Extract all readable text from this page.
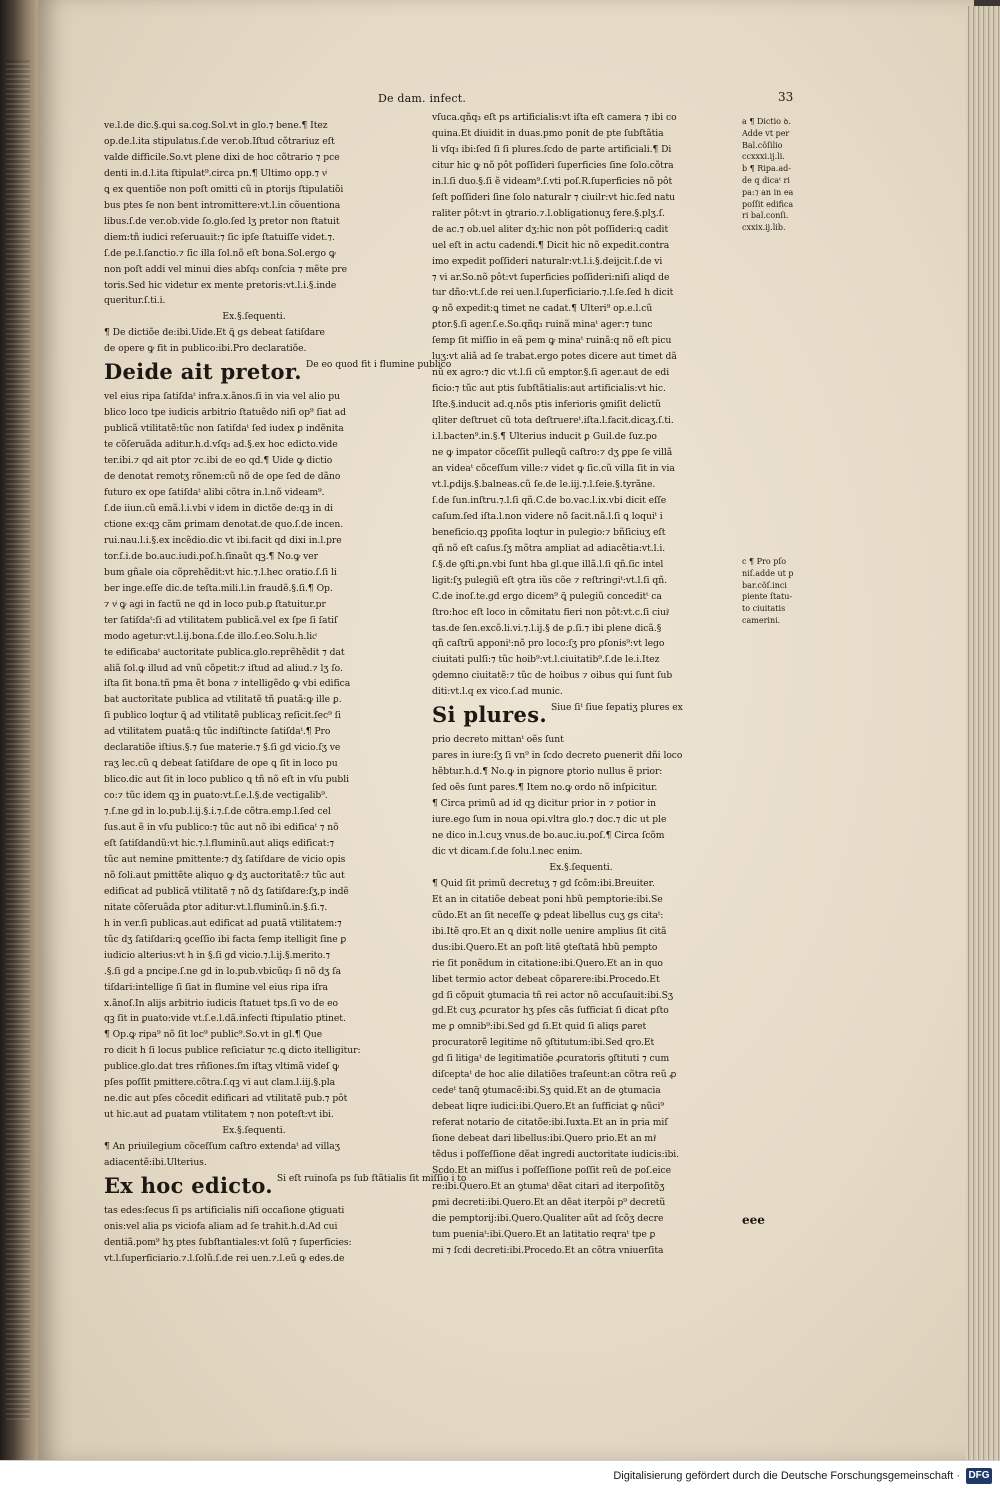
De dam. infect.	33
ve.l.de dic.§.qui sa.cog.Sol.vt in glo.⁊ bene.¶ Itez
op.de.l.ita stipulatus.ſ.de ver.ob.Iſtud cõtrariuz eſt
valde difficile.So.vt plene dixi de hoc cõtrario ⁊ pce
denti in.d.l.ita ſtipulat⁹.circa pn.¶ Ultimo opp.⁊ vͥ
ꝗ ex ꝗuentiõe non poſt omitti cũ in ꝑtorijs ſtipulatiõi
bus ptes ſe non bent intromittere:vt.l.in cõuentiona
libus.ſ.de ver.ob.vide ſo.glo.ſed lʒ pretor non ſtatuit
diem:tñ iudici reſeruauit:⁊ ſic ipſe ſtatuiſſe videt.⁊.
ſ.de pe.l.ſanctio.⁊ ſic illa ſol.nõ eſt bona.Sol.ergo ꝙ
non poſt addi vel minui dies abſq₃ conſcia ⁊ mẽte pre
toris.Sed hic videtur ex mente pretoris:vt.l.i.§.inde
queritur.ſ.ti.i.
Ex.§.ſequenti.
¶ De dictiõe de:ibi.Uide.Et ꝗ̃ gs debeat ſatiſdare
de opere ꝙ fit in publico:ibi.Pro declaratiõe.
Deide ait pretor. De eo quod fit i flumine publico
vel eius ripa ſatiſdaᵗ infra.x.ãnos.ſi in via vel alio pu
blico loco tpe iudicis arbitrio ſtatuẽdo niſi op⁹ ſiat ad
publicã vtilitatẽ:tũc non ſatiſdaᵗ ſed iudex ꝑ indẽnita
te cõſeruãda aditur.h.d.vſq₃ ad.§.ex hoc edicto.vide
ter.ibi.⁊ qd ait ptor ⁊c.ibi de eo qd.¶ Uide ꝙ dictio
de denotat remotʒ rõnem:cũ nõ de ope ſed de dãno
futuro ex ope ſatiſdaᵗ alibi cõtra in.l.nõ videam⁹.
ſ.de iiun.cũ emã.l.i.vbi vͥ idem in dictõe de:qꝫ in di
ctione ex:qꝫ cãm ꝑrimam denotat.de quo.ſ.de incen.
rui.nau.l.i.§.ex incẽdio.dic vt ibi.facit qd dixi in.l.pre
tor.ſ.i.de bo.auc.iudi.poſ.h.ſinaũt qꝫ.¶ No.ꝙ ver
bum gñale oia cõprehẽdit:vt hic.⁊.l.hec oratio.ſ.ſi li
ber inge.eſſe dic.de teſta.mili.l.in fraudẽ.§.ſi.¶ Op.
⁊ vͥ ꝙ agi in factũ ne qd in loco pub.ꝑ ſtatuitur.pr
ter ſatiſdaᵗ:ſi ad vtilitatem publicã.vel ex ſpe ſi ſatiſ
modo agetur:vt.l.ij.bona.ſ.de illo.ſ.eo.Solu.h.licͭ
te edificabaᵗ auctoritate publica.glo.reprẽhẽdit ⁊ dat
aliã ſol.ꝙ illud ad vnũ cõpetit:⁊ iſtud ad aliud.⁊ lʒ ſo.
iſta ſit bona.tñ pma ẽt bona ⁊ intelligẽdo ꝙ vbi edifica
bat auctoritate publica ad vtilitatẽ tñ ꝑuatã:ꝙ ille ꝑ.
ſi publico loqtur ꝗ̃ ad vtilitatẽ publicaʒ reſicit.ſec⁹ ſi
ad vtilitatem ꝑuatã:ꝗ tũc indiſtincte ſatiſdaᵗ.¶ Pro
declaratiõe iſtius.§.⁊ ſue materie.⁊ §.ſi gd vicio.ſʒ ve
raʒ lec.cũ ꝗ debeat ſatiſdare de ope ꝗ ſit in loco pu
blico.dic aut ſit in loco publico ꝗ tñ nõ eſt in vſu publi
co:⁊ tũc idem qꝫ in ꝑuato:vt.ſ.e.l.§.de vectigalib⁹.
⁊.ſ.ne gd in lo.pub.l.ij.§.i.⁊.ſ.de cõtra.emp.l.ſed cel
ſus.aut ẽ in vſu publico:⁊ tũc aut nõ ibi edificaᵗ ⁊ nõ
eſt ſatiſdandũ:vt hic.⁊.l.fluminũ.aut aliqs edificat:⁊
tũc aut nemine pmittente:⁊ dʒ ſatiſdare de vicio opis
nõ ſoli.aut pmittẽte aliquo ꝙ dʒ auctoritatẽ:⁊ tũc aut
edificat ad publicã vtilitatẽ ⁊ nõ dʒ ſatiſdare:ſʒ,p indẽ
nitate cõſeruãda ꝑtor aditur:vt.l.fluminũ.in.§.ſi.⁊.
h in ver.ſi publicas.aut edificat ad ꝑuatã vtilitatem:⁊
tũc dʒ ſatiſdari:ꝗ ꝯceſſio ibi facta ſemp itelligit ſine ꝑ
iudicio alterius:vt h in §.ſi gd vicio.⁊.l.ij.§.merito.⁊
.§.ſi gd a pncipe.ſ.ne gd in lo.pub.vbicũq₃ ſi nõ dʒ ſa
tiſdari:intellige ſi ſiat in flumine vel eius ripa iſra
x.ãnoſ.In alijs arbitrio iudicis ſtatuet tps.ſi vo de eo
qꝫ ſit in ꝑuato:vide vt.ſ.e.l.dã.infecti ſtipulatio ptinet.
¶ Op.ꝙ ripa⁹ nõ ſit loc⁹ public⁹.So.vt in gl.¶ Que
ro dicit h ſi locus publice reſiciatur ⁊c.ꝗ dicto itelligitur:
publice.glo.dat tres rñſiones.ſm iſtaʒ vltimã videſ ꝙ
pſes poſſit pmittere.cõtra.ſ.qꝫ vi aut clam.l.iij.§.pla
ne.dic aut pſes cõcedit edificari ad vtilitatẽ pub.⁊ pôt
ut hic.aut ad ꝑuatam vtilitatem ⁊ non poteſt:vt ibi.
Ex.§.ſequenti.
¶ An priuilegium cõceſſum caſtro extendaᵗ ad villaʒ
adiacentẽ:ibi.Ulterius.
Ex hoc edicto. Si eſt ruinoſa ps ſub ſtãtialis ſit miſſio i to
tas edes:ſecus ſi ps artificialis niſi occaſione ꝯtiguati
onis:vel alia ps viciofa aliam ad ſe trahit.h.d.Ad cui
dentiã.pom⁹ hʒ ptes ſubſtantiales:vt ſolũ ⁊ ſuperficies:
vt.l.ſuperficiario.⁊.l.ſolũ.ſ.de rei uen.⁊.l.eũ ꝙ edes.de
vſuca.qñq₃ eſt ps artificialis:vt iſta eſt camera ⁊ ibi co
quina.Et diuidit in duas.pmo ponit de pte ſubſtãtia
li vſq₃ ibi:ſed ſi ſi plures.ſcdo de parte artificiali.¶ Di
citur hic ꝙ nõ pôt poſſideri ſuperficies ſine ſolo.cõtra
in.l.ſi duo.§.ſi ẽ videam⁹.ſ.vti poſ.R.ſuperficies nõ pôt
ſeſt poſſideri ſine ſolo naturalr ⁊ ciuilr:vt hic.ſed natu
raliter pôt:vt in ꝯtrario.⁊.l.obligationuʒ fere.§.plʒ.ſ.
de ac.⁊ ob.uel aliter dʒ:hic non pôt poſſideri:ꝗ cadit
uel eſt in actu cadendi.¶ Dicit hic nõ expedit.contra
imo expedit poſſideri naturalr:vt.l.i.§.deijcit.ſ.de vi
⁊ vi ar.So.nõ pôt:vt ſuperficies poſſideri:niſi aliqd de
tur dño:vt.ſ.de rei uen.l.ſuperficiario.⁊.l.ſe.ſed h dicit
ꝙ nõ expedit:ꝗ timet ne cadat.¶ Ulteri⁹ op.e.l.cũ
ꝑtor.§.ſi ager.ſ.e.So.qñq₃ ruinã minaᵗ ager:⁊ tunc
ſemp ſit miſſio in eã pem ꝙ minaᵗ ruinã:q nõ eſt picu
luʒ:vt aliã ad ſe trabat.ergo potes dicere aut timet dã
nũ ex agro:⁊ dic vt.l.ſi cũ emptor.§.ſi ager.aut de edi
ficio:⁊ tũc aut ptis ſubſtãtialis:aut artificialis:vt hic.
Iſte.§.inducit ad.q.nõs ptis inferioris ꝯmiſit delictũ
qliter deſtruet cũ tota deſtruereᵗ.iſta.l.facit.dicaʒ.ſ.ti.
i.l.bacten⁹.in.§.¶ Ulterius inducit ꝑ Guil.de ſuz.po
ne ꝙ impator cõceſſit pulleꝗũ caſtro:⁊ dʒ ꝑpe ſe villã
an videaᵗ cõceſſum ville:⁊ videt ꝙ ſic.cũ villa ſit in via
vt.l.ꝑdijs.§.balneas.cũ ſe.de le.iij.⁊.l.ſeie.§.tyrãne.
ſ.de ſun.inſtru.⁊.l.ſi qñ.C.de bo.vac.l.ix.vbi dicit eſſe
caſum.ſed iſta.l.non videre nõ ſacit.nã.l.ſi ꝗ loquiᵗ i
beneficio.qꝫ ꝑpoſita loqtur in pulegio:⁊ bñſiciuʒ eſt
qñ nõ eſt caſus.ſʒ mõtra ampliat ad adiacẽtia:vt.l.i.
ſ.§.de ꝯſti.ꝑn.vbi ſunt hba gl.que illã.l.ſi qñ.ſic intel
ligit:ſʒ pulegiũ eſt ꝯtra iũs cõe ⁊ reſtringiᵗ:vt.l.ſi qñ.
C.de inoſ.te.gd ergo dicem⁹ ꝗ̃ pulegiũ conceditᵗ ca
ſtro:hoc eſt loco in cõmitatu fieri non pôt:vt.c.ſi ciuiͭ
tas.de ſen.excõ.li.vi.⁊.l.ij.§ de ꝑ.ſi.⁊ ibi plene dicã.§
qñ caſtrũ apponiᵗ:nõ pro loco:ſʒ pro ꝑſonis⁹:vt lego
ciuitati pulſi:⁊ tũc hoib⁹:vt.l.ciuitatib⁹.ſ.de le.i.Itez
ꝯdemno ciuitatẽ:⁊ tũc de hoibus ⁊ oibus qui ſunt ſub
diti:vt.l.q ex vico.ſ.ad munic.
Si plures. Siue ſiᵗ ſiue ſepatiʒ plures ex
prio decreto mittanᵗ oẽs ſunt
pares in iure:ſʒ ſi vn⁹ in ſcdo decreto ꝑuenerit dñi loco
hẽbtur.h.d.¶ No.ꝙ in pignore ꝑtorio nullus ẽ prior:
ſed oẽs ſunt pares.¶ Item no.ꝙ ordo nõ inſpicitur.
¶ Circa primũ ad id qꝫ dicitur prior in ⁊ potior in
iure.ego ſum in noua opi.vltra glo.⁊ doc.⁊ dic ut ple
ne dico in.l.cuʒ vnus.de bo.auc.iu.poſ.¶ Circa ſcõm
dic vt dicam.ſ.de ſolu.l.nec enim.
Ex.§.ſequenti.
¶ Quid ſit primũ decretuʒ ⁊ gd ſcõm:ibi.Breuiter.
Et an in citatiõe debeat poni hbũ pemptorie:ibi.Se
cũdo.Et an ſit neceſſe ꝙ pdeat libellus cuʒ gs citaᵗ:
ibi.Itẽ qro.Et an ꝗ dixit nolle uenire amplius ſit citã
dus:ibi.Quero.Et an poſt litẽ ꝯteſtatã hbũ pempto
rie ſit ponẽdum in citatione:ibi.Quero.Et an in quo
libet termio actor debeat cõparere:ibi.Procedo.Et
gd ſi cõpuit ꝯtumacia tñ rei actor nõ accuſauit:ibi.Sʒ
gd.Et cuʒ ꝓcurator hʒ pſes cãs ſufficiat ſi dicat ꝑſto
me ꝑ omnib⁹:ibi.Sed gd ſi.Et quid ſi aliqs ꝑaret
procuratorẽ legitime nõ ꝯſtitutum:ibi.Sed qro.Et
gd ſi litigaᵗ de legitimatiõe ꝓcuratoris ꝯſtituti ⁊ cum
diſceptaᵗ de hoc alie dilatiões traſeunt:an cõtra reũ ꝓ
cedeᵗ tanq̃ ꝯtumacẽ:ibi.Sʒ quid.Et an de ꝯtumacia
debeat liqre iudici:ibi.Quero.Et an ſufficiat ꝙ nũci⁹
referat notario de citatõe:ibi.Iuxta.Et an in pria miſ
ſione debeat dari libellus:ibi.Quero prio.Et an miͭ
tẽdus i poſſeſſione dẽat ingredi auctoritate iudicis:ibi.
Scdo.Et an miſſus i poſſeſſione poſſit reũ de poſ.eice
re:ibi.Quero.Et an ꝯtumaᵗ dẽat citari ad iterpoſitõʒ
ꝑmi decreti:ibi.Quero.Et an dẽat iterpôi p⁹ decretũ
die pemptorij:ibi.Quero.Qualiter aũt ad ſcõʒ decre
tum pueniaᵗ:ibi.Quero.Et an latitatio reqraᵗ tpe ꝑ
mi ⁊ ſcdi decreti:ibi.Procedo.Et an cõtra vniuerſita
a ¶ Dictio ꝺ.
Adde vt per
Bal.cõſilio
ccxxxi.ij.li.
b ¶ Ripa.ad-
de q dicaᵗ ri
pa:⁊ an in ea
poſſit edifica
ri bal.conſi.
cxxix.ij.lib.
c ¶ Pro pſo
niſ.adde ut p
bar.cõſ.inci
piente ſtatu-
to ciuitatis
camerini.
eee
Digitalisierung gefördert durch die Deutsche Forschungsgemeinschaft · DFG
